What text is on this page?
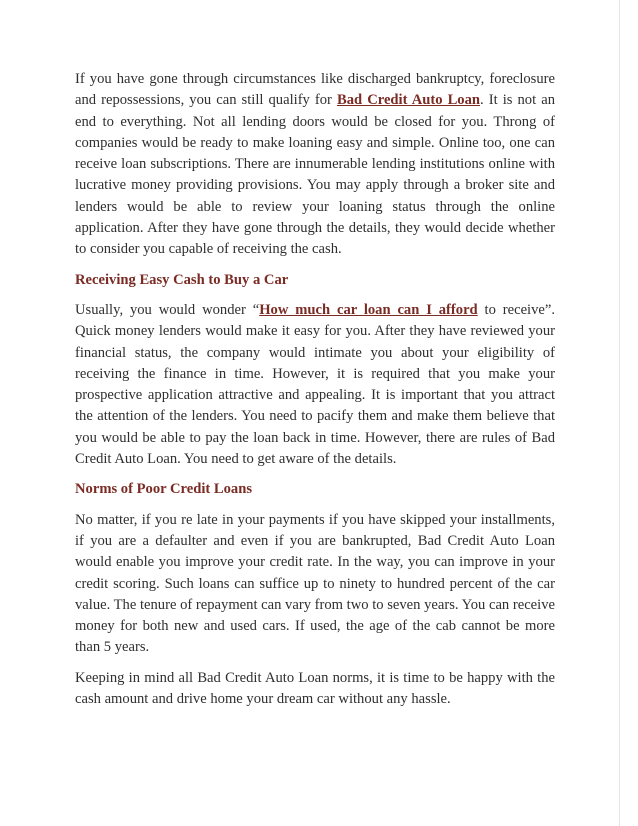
If you have gone through circumstances like discharged bankruptcy, foreclosure and repossessions, you can still qualify for Bad Credit Auto Loan. It is not an end to everything. Not all lending doors would be closed for you. Throng of companies would be ready to make loaning easy and simple. Online too, one can receive loan subscriptions. There are innumerable lending institutions online with lucrative money providing provisions. You may apply through a broker site and lenders would be able to review your loaning status through the online application. After they have gone through the details, they would decide whether to consider you capable of receiving the cash.

Receiving Easy Cash to Buy a Car

Usually, you would wonder “How much car loan can I afford to receive”. Quick money lenders would make it easy for you. After they have reviewed your financial status, the company would intimate you about your eligibility of receiving the finance in time. However, it is required that you make your prospective application attractive and appealing. It is important that you attract the attention of the lenders. You need to pacify them and make them believe that you would be able to pay the loan back in time. However, there are rules of Bad Credit Auto Loan. You need to get aware of the details.

Norms of Poor Credit Loans

No matter, if you re late in your payments if you have skipped your installments, if you are a defaulter and even if you are bankrupted, Bad Credit Auto Loan would enable you improve your credit rate. In the way, you can improve in your credit scoring. Such loans can suffice up to ninety to hundred percent of the car value. The tenure of repayment can vary from two to seven years. You can receive money for both new and used cars. If used, the age of the cab cannot be more than 5 years.

Keeping in mind all Bad Credit Auto Loan norms, it is time to be happy with the cash amount and drive home your dream car without any hassle.
